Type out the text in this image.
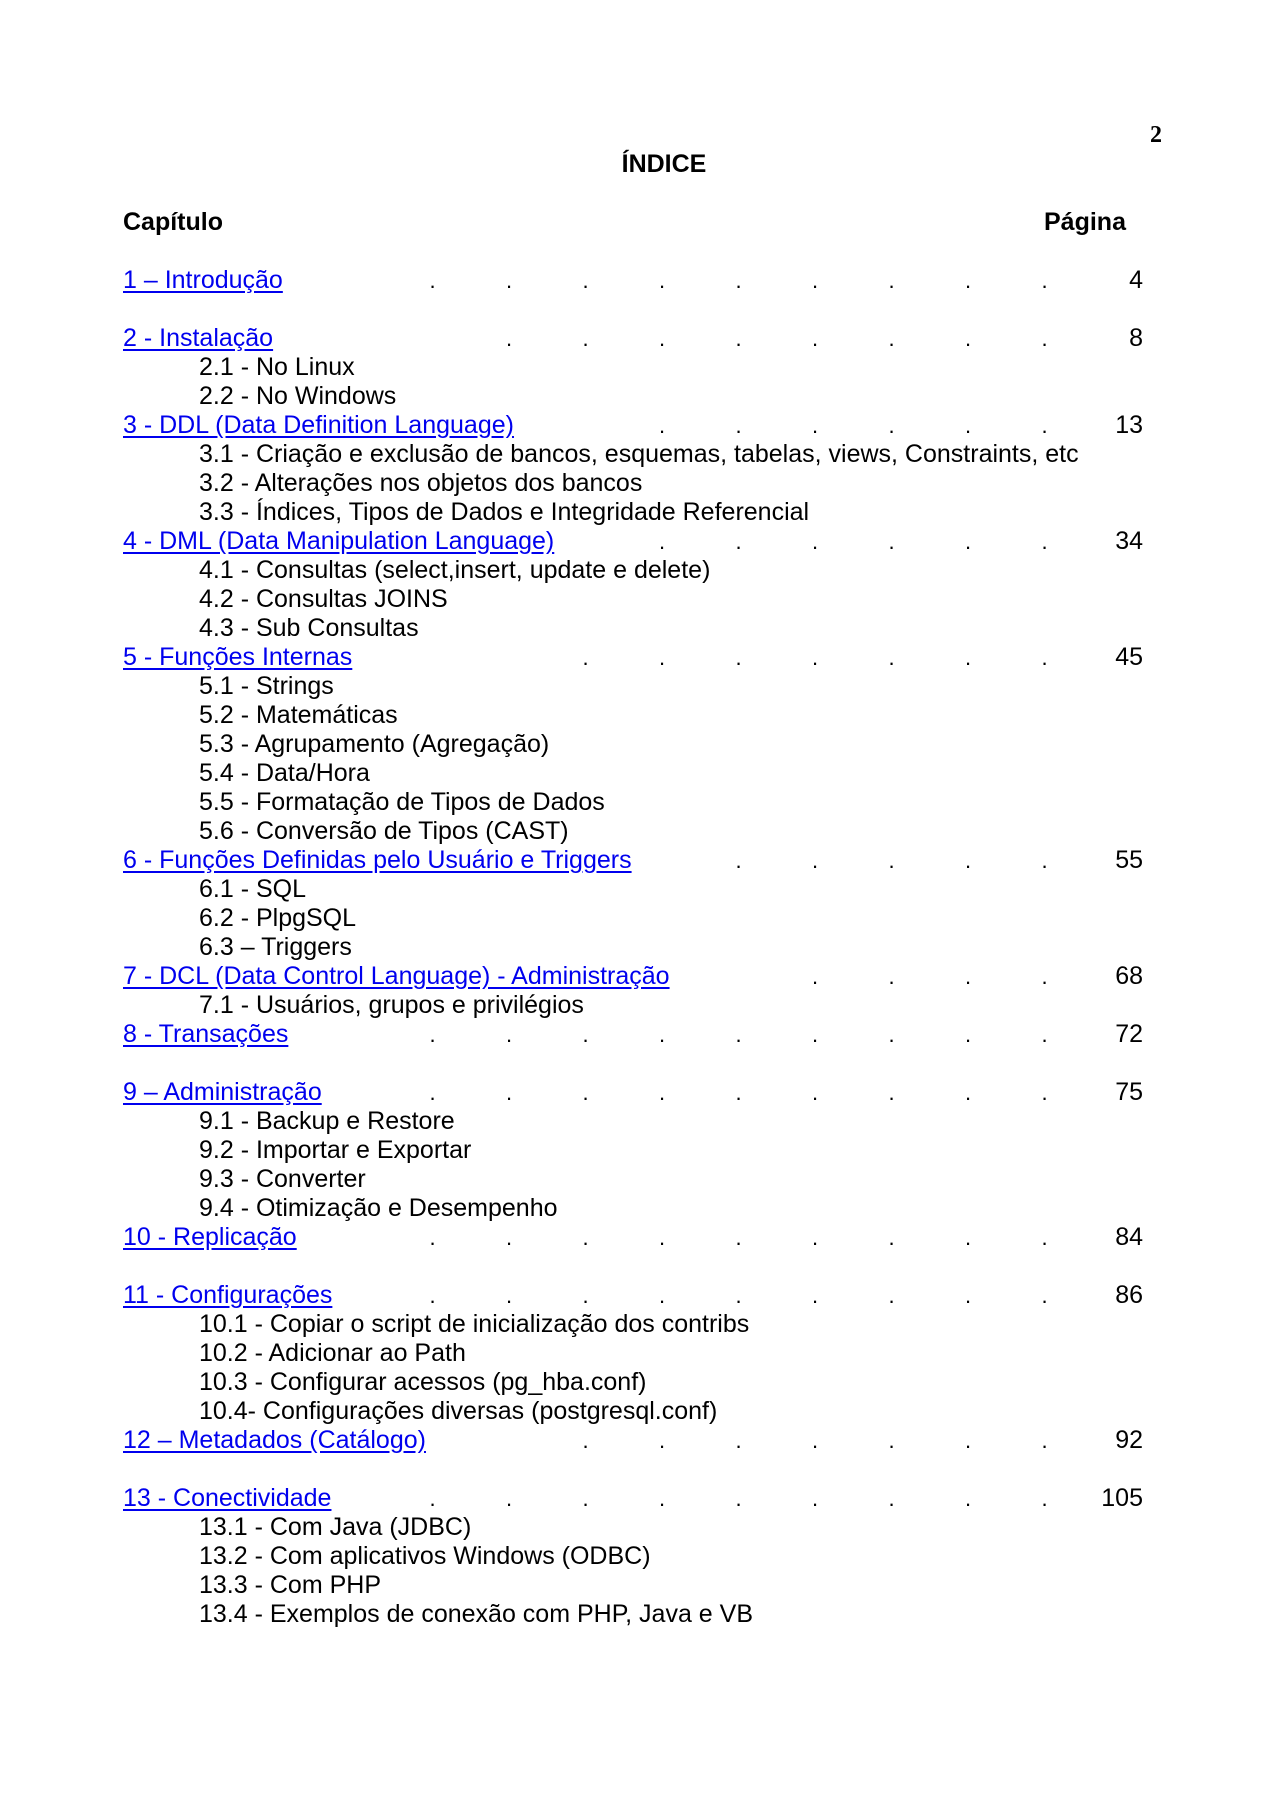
2
ÍNDICE
Capítulo	Página
1 – Introdução	.	.	.	.	.	.	.	.	.	4
2 - Instalação	.	.	.	.	.	.	.	.	8
2.1 - No Linux
2.2 - No Windows
3 - DDL (Data Definition Language)	.	.	.	.	.	.	13
3.1 - Criação e exclusão de bancos, esquemas, tabelas, views, Constraints, etc
3.2 - Alterações nos objetos dos bancos
3.3 - Índices, Tipos de Dados e Integridade Referencial
4 - DML (Data Manipulation Language)	.	.	.	.	.	.	34
4.1 - Consultas (select,insert, update e delete)
4.2 - Consultas JOINS
4.3 - Sub Consultas
5 - Funções Internas	.	.	.	.	.	.	.	45
5.1 - Strings
5.2 - Matemáticas
5.3 - Agrupamento (Agregação)
5.4 - Data/Hora
5.5 - Formatação de Tipos de Dados
5.6 - Conversão de Tipos (CAST)
6 - Funções Definidas pelo Usuário e Triggers	.	.	.	.	.	55
6.1 - SQL
6.2 - PlpgSQL
6.3 – Triggers
7 - DCL (Data Control Language) - Administração	.	.	.	.	68
7.1 - Usuários, grupos e privilégios
8 - Transações	.	.	.	.	.	.	.	.	.	72
9 – Administração	.	.	.	.	.	.	.	.	.	75
9.1 - Backup e Restore
9.2 - Importar e Exportar
9.3 - Converter
9.4 - Otimização e Desempenho
10 - Replicação	.	.	.	.	.	.	.	.	.	84
11 - Configurações	.	.	.	.	.	.	.	.	.	86
10.1 - Copiar o script de inicialização dos contribs
10.2 - Adicionar ao Path
10.3 - Configurar acessos (pg_hba.conf)
10.4- Configurações diversas (postgresql.conf)
12 – Metadados (Catálogo)	.	.	.	.	.	.	.	92
13 - Conectividade	.	.	.	.	.	.	.	.	. 105
13.1 - Com Java (JDBC)
13.2 - Com aplicativos Windows (ODBC)
13.3 - Com PHP
13.4 - Exemplos de conexão com PHP, Java e VB
